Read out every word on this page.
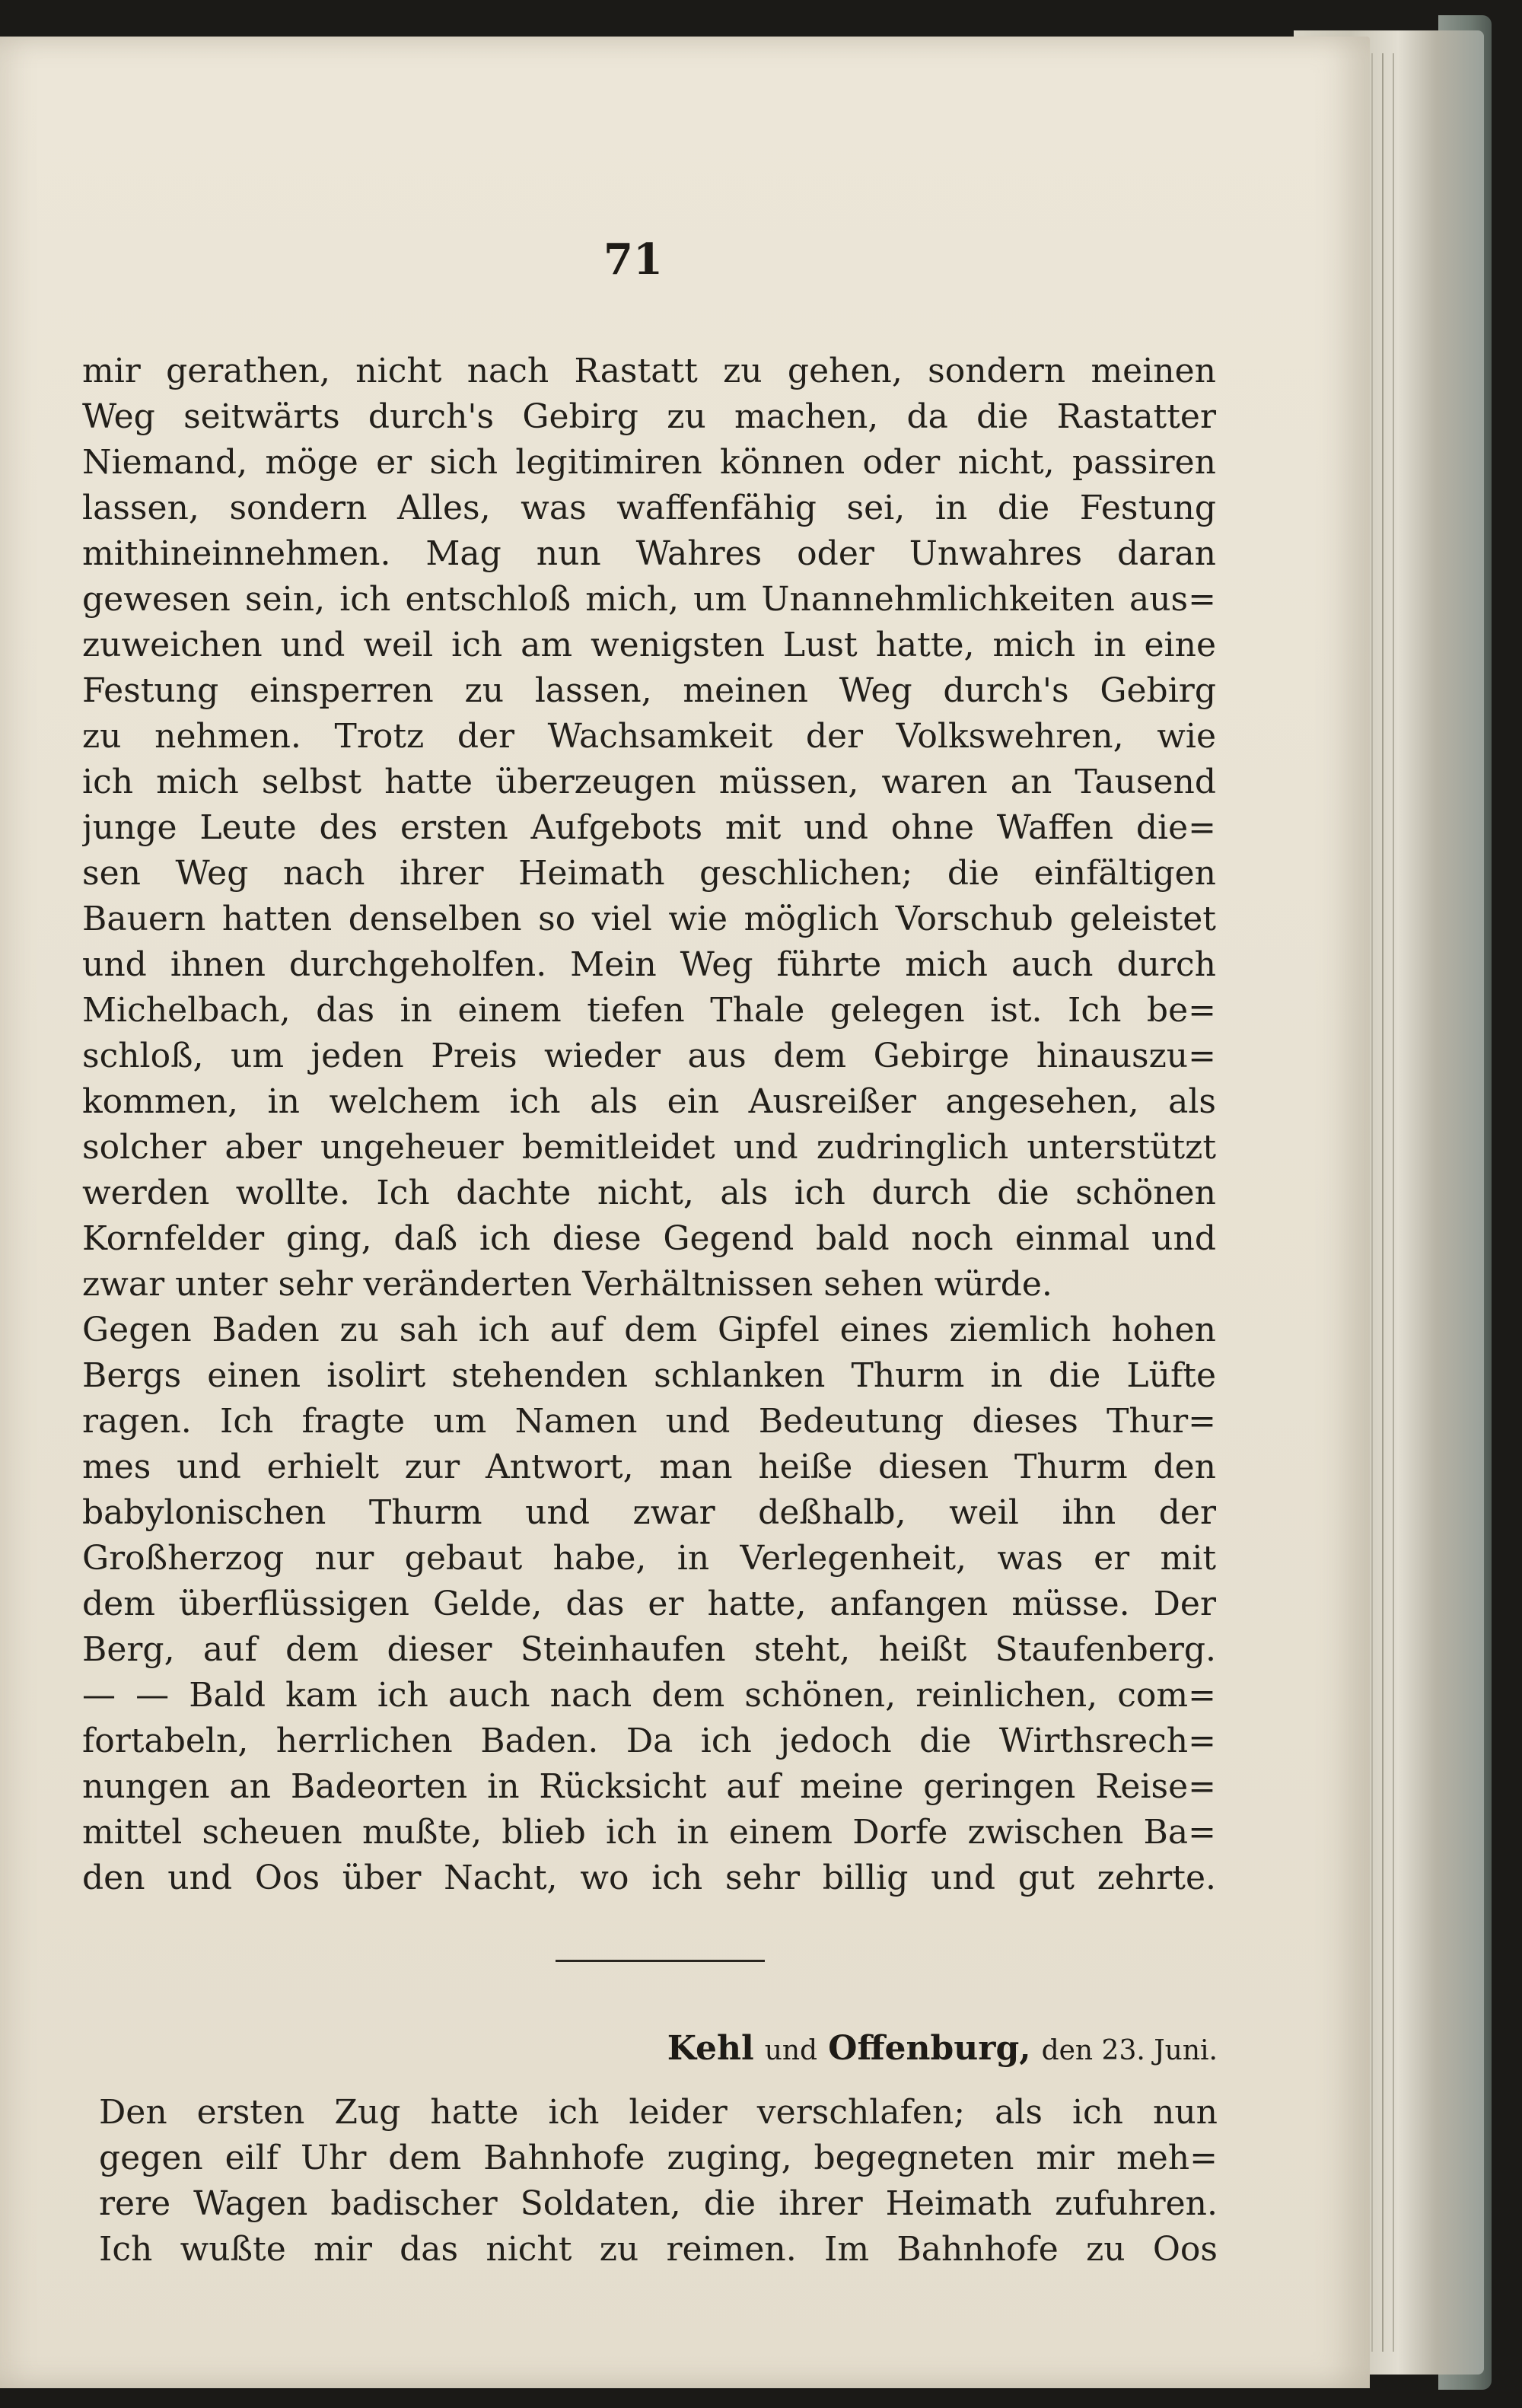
71
mir gerathen, nicht nach Rastatt zu gehen, sondern meinen
Weg seitwärts durch's Gebirg zu machen, da die Rastatter
Niemand, möge er sich legitimiren können oder nicht, passiren
lassen, sondern Alles, was waffenfähig sei, in die Festung
mithineinnehmen. Mag nun Wahres oder Unwahres daran
gewesen sein, ich entschloß mich, um Unannehmlichkeiten aus=
zuweichen und weil ich am wenigsten Lust hatte, mich in eine
Festung einsperren zu lassen, meinen Weg durch's Gebirg
zu nehmen. Trotz der Wachsamkeit der Volkswehren, wie
ich mich selbst hatte überzeugen müssen, waren an Tausend
junge Leute des ersten Aufgebots mit und ohne Waffen die=
sen Weg nach ihrer Heimath geschlichen; die einfältigen
Bauern hatten denselben so viel wie möglich Vorschub geleistet
und ihnen durchgeholfen. Mein Weg führte mich auch durch
Michelbach, das in einem tiefen Thale gelegen ist. Ich be=
schloß, um jeden Preis wieder aus dem Gebirge hinauszu=
kommen, in welchem ich als ein Ausreißer angesehen, als
solcher aber ungeheuer bemitleidet und zudringlich unterstützt
werden wollte. Ich dachte nicht, als ich durch die schönen
Kornfelder ging, daß ich diese Gegend bald noch einmal und
zwar unter sehr veränderten Verhältnissen sehen würde.
Gegen Baden zu sah ich auf dem Gipfel eines ziemlich hohen
Bergs einen isolirt stehenden schlanken Thurm in die Lüfte
ragen. Ich fragte um Namen und Bedeutung dieses Thur=
mes und erhielt zur Antwort, man heiße diesen Thurm den
babylonischen Thurm und zwar deßhalb, weil ihn der
Großherzog nur gebaut habe, in Verlegenheit, was er mit
dem überflüssigen Gelde, das er hatte, anfangen müsse. Der
Berg, auf dem dieser Steinhaufen steht, heißt Staufenberg.
— — Bald kam ich auch nach dem schönen, reinlichen, com=
fortabeln, herrlichen Baden. Da ich jedoch die Wirthsrech=
nungen an Badeorten in Rücksicht auf meine geringen Reise=
mittel scheuen mußte, blieb ich in einem Dorfe zwischen Ba=
den und Oos über Nacht, wo ich sehr billig und gut zehrte.
Kehl und Offenburg, den 23. Juni.
Den ersten Zug hatte ich leider verschlafen; als ich nun
gegen eilf Uhr dem Bahnhofe zuging, begegneten mir meh=
rere Wagen badischer Soldaten, die ihrer Heimath zufuhren.
Ich wußte mir das nicht zu reimen. Im Bahnhofe zu Oos
